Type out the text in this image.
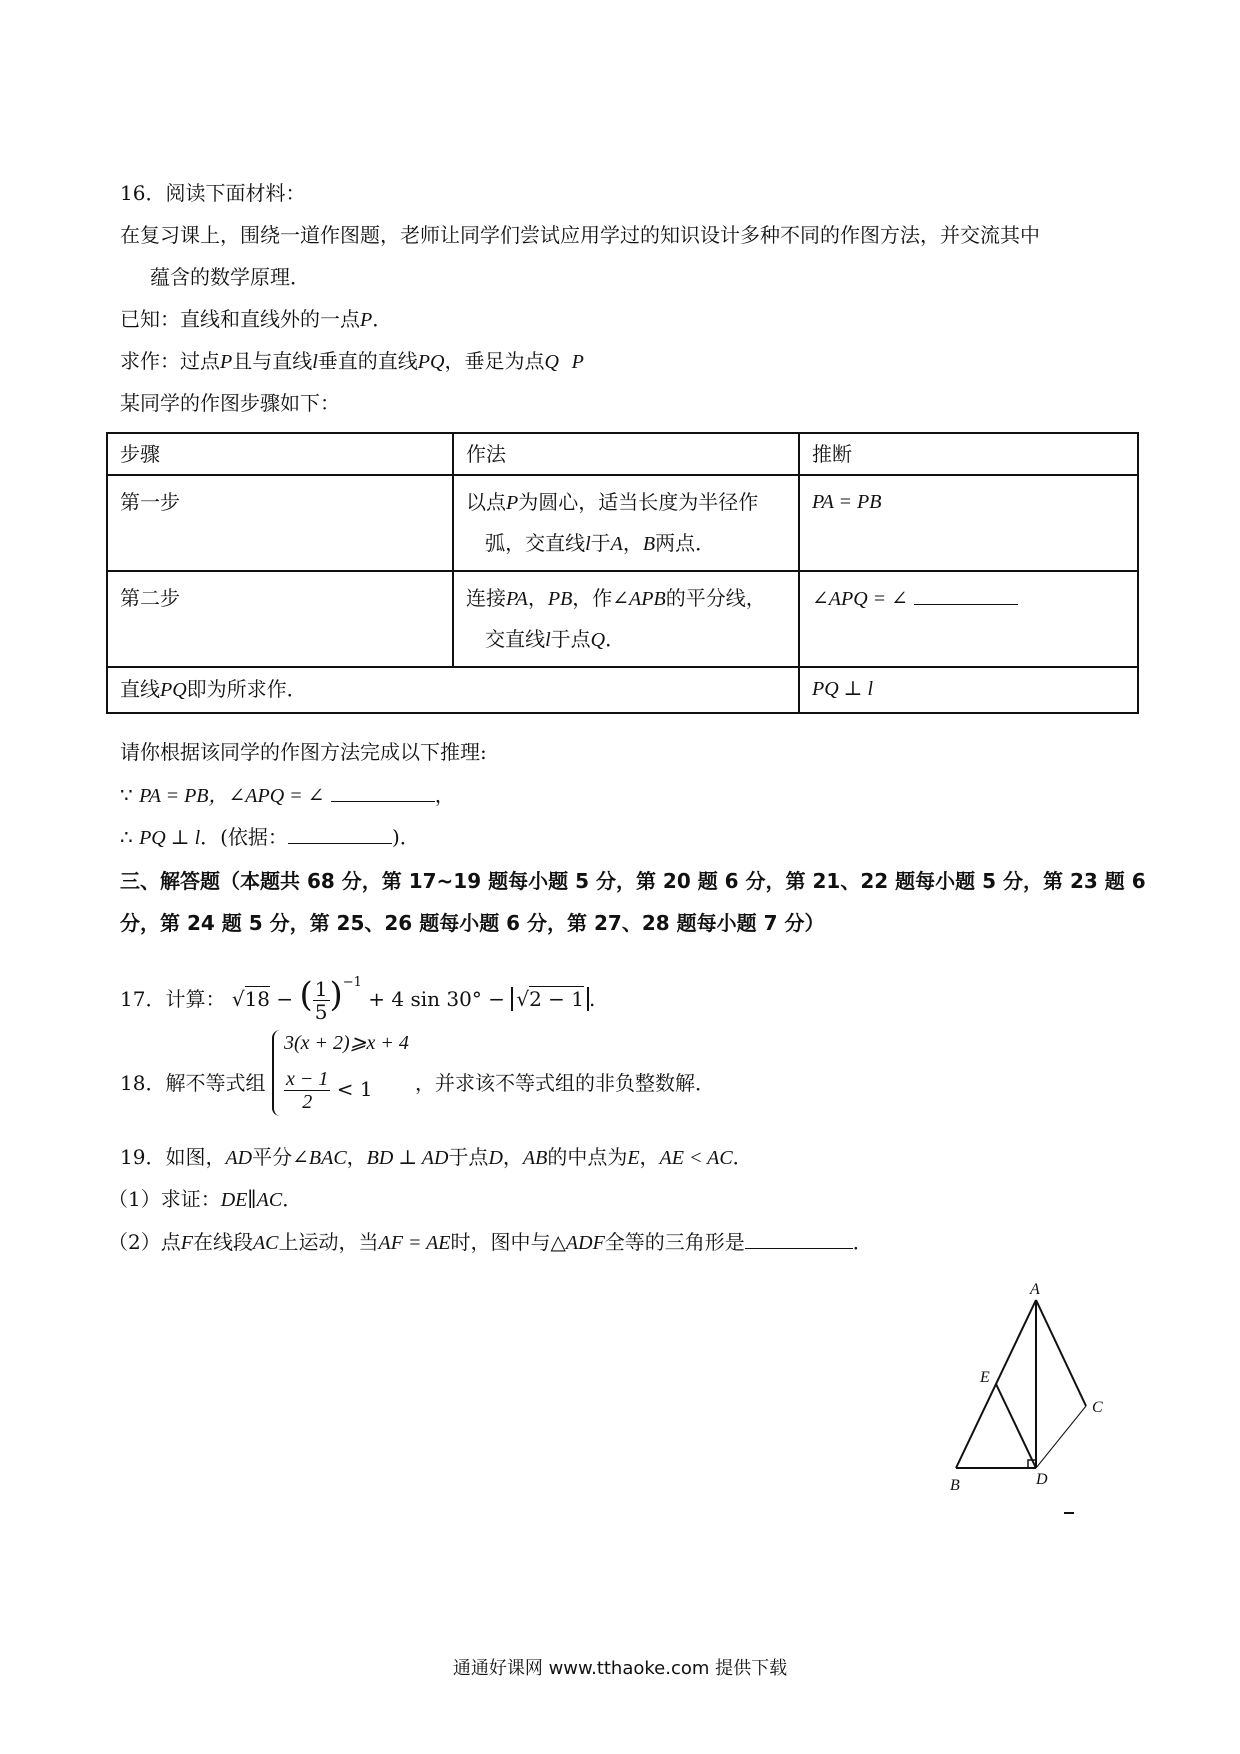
16．阅读下面材料：
在复习课上，围绕一道作图题，老师让同学们尝试应用学过的知识设计多种不同的作图方法，并交流其中
蕴含的数学原理．
已知：直线和直线外的一点P．
求作：过点P且与直线l垂直的直线PQ，垂足为点Q P
某同学的作图步骤如下：
步骤	作法	推断
第一步	以点P为圆心，适当长度为半径作
弧，交直线l于A，B两点．	PA = PB
第二步	连接PA，PB，作∠APB的平分线，
交直线l于点Q．	∠APQ = ∠
直线PQ即为所求作．		PQ ⊥ l
请你根据该同学的作图方法完成以下推理:
∵ PA = PB，∠APQ = ∠	，
∴ PQ ⊥ l．(依据：	)．
三、解答题（本题共 68 分，第 17~19 题每小题 5 分，第 20 题 6 分，第 21、22 题每小题 5 分，第 23 题 6
分，第 24 题 5 分，第 25、26 题每小题 6 分，第 27、28 题每小题 7 分）
17．计算： √18 − ( $\frac{1}{5} )^{-1} + 4$ sin 30° − √2 − 1 .
18．解不等式组
3(x + 2)⩾x + 4
$\frac{x - 1}{2} < 1$ ，并求该不等式组的非负整数解．
19．如图，AD平分∠BAC，BD ⊥ AD于点D，AB的中点为E，AE < AC．
（1）求证：DE∥AC．
（2）点F在线段AC上运动，当AF = AE时，图中与△ADF全等的三角形是	．
A
E
C
B	D
通通好课网 www.tthaoke.com 提供下载
